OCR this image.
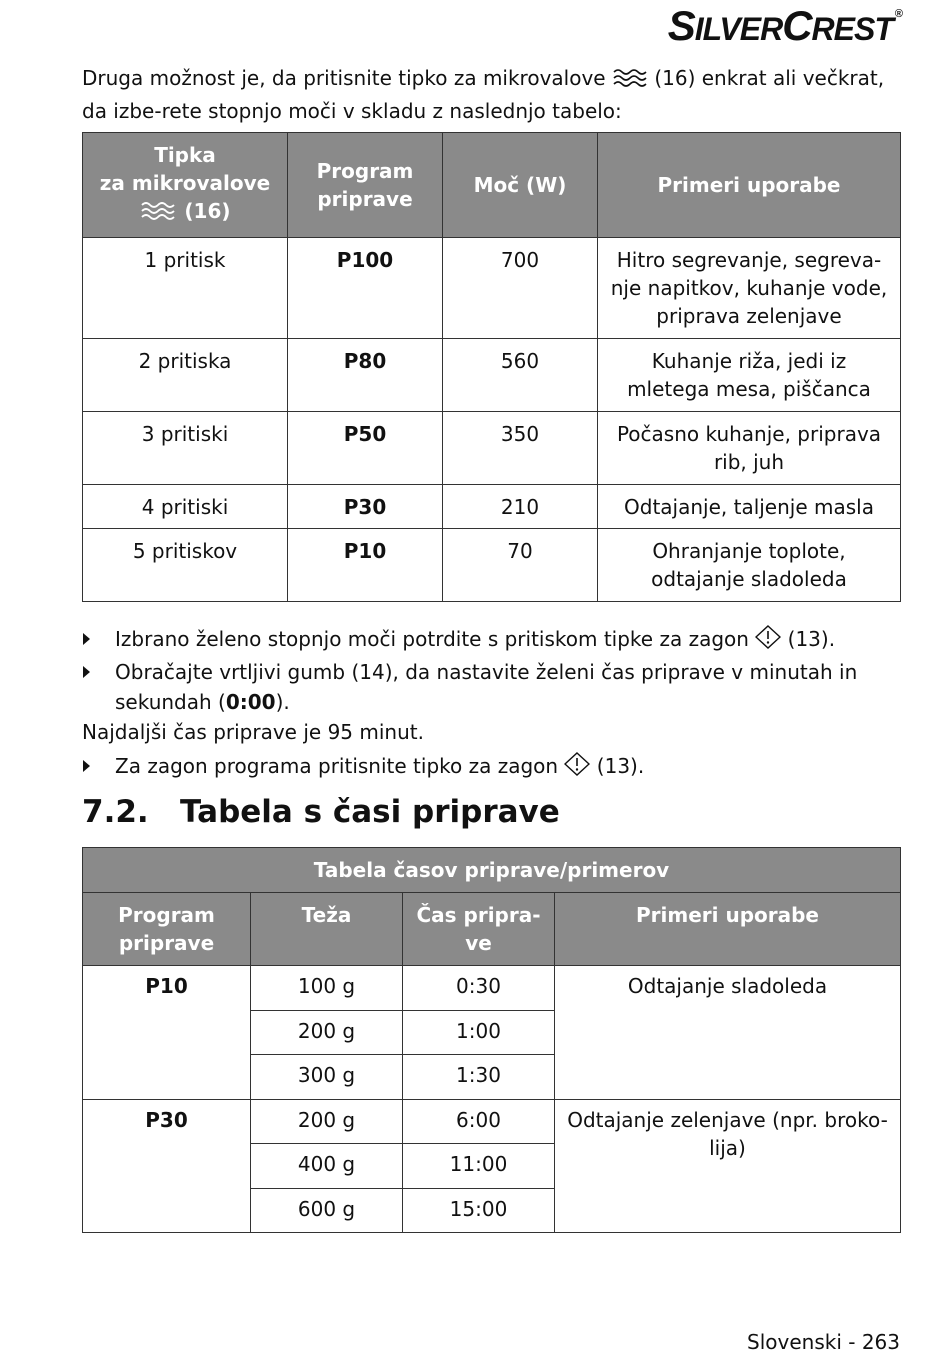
SILVERCREST ®
Druga možnost je, da pritisnite tipko za mikrovalove  (16) enkrat ali večkrat, da izbe-rete stopnjo moči v skladu z naslednjo tabelo:
Tipka
za mikrovalove
(16)	Program priprave	Moč (W)	Primeri uporabe
1 pritisk	P100	700	Hitro segrevanje, segreva-nje napitkov, kuhanje vode, priprava zelenjave
2 pritiska	P80	560	Kuhanje riža, jedi iz mletega mesa, piščanca
3 pritiski	P50	350	Počasno kuhanje, priprava rib, juh
4 pritiski	P30	210	Odtajanje, taljenje masla
5 pritiskov	P10	70	Ohranjanje toplote, odtajanje sladoleda
Izbrano želeno stopnjo moči potrdite s pritiskom tipke za zagon  (13).
Obračajte vrtljivi gumb (14), da nastavite želeni čas priprave v minutah in sekundah (0:00).
Najdaljši čas priprave je 95 minut.
Za zagon programa pritisnite tipko za zagon  (13).
7.2. Tabela s časi priprave
Tabela časov priprave/primerov			
Program priprave	Teža	Čas pripra-ve	Primeri uporabe
P10	100 g	0:30	Odtajanje sladoleda
	200 g	1:00	
	300 g	1:30	
P30	200 g	6:00	Odtajanje zelenjave (npr. broko-lija)
	400 g	11:00	
	600 g	15:00	
Slovenski - 263
